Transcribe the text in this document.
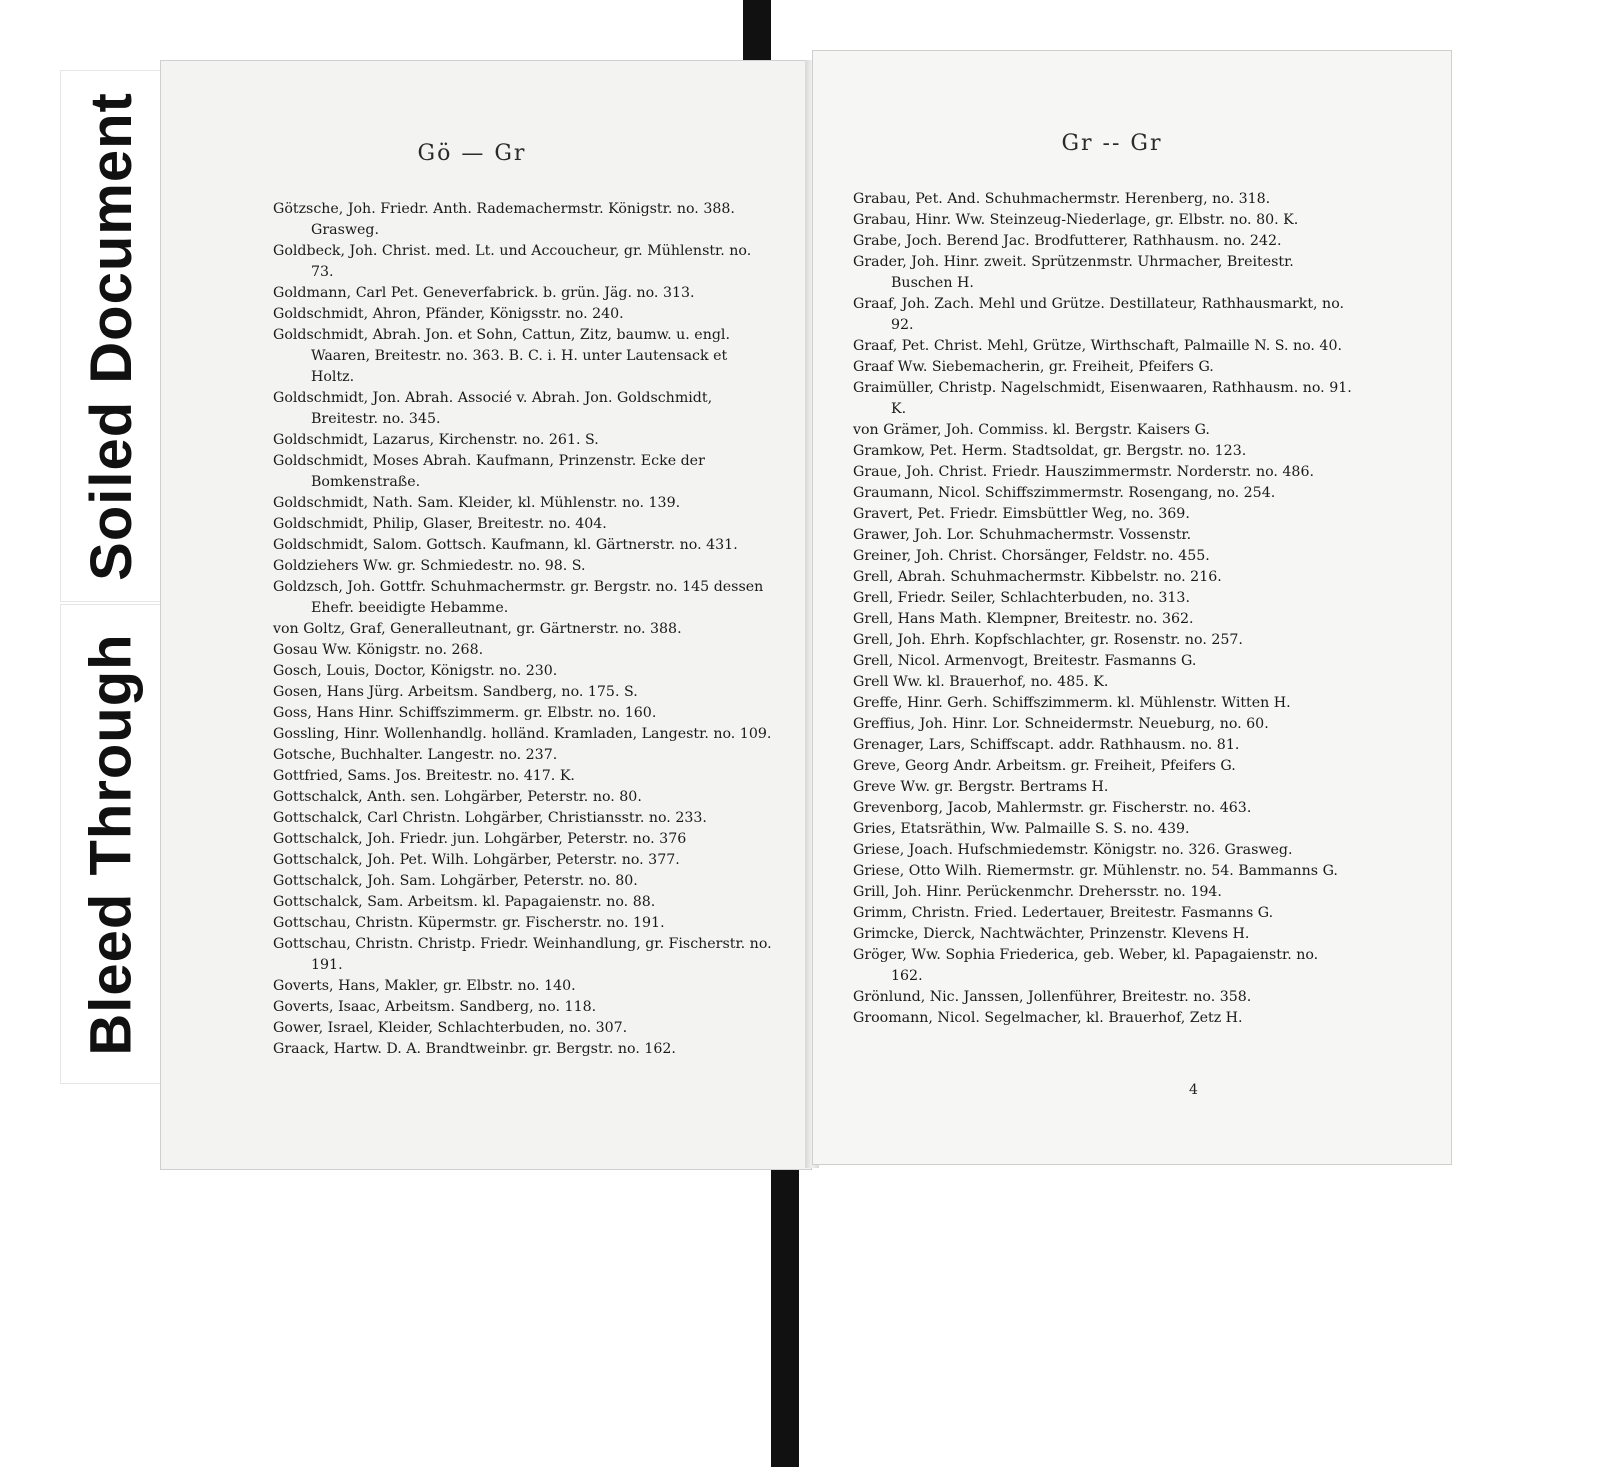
Soiled Document
Bleed Through
Gö — Gr
Götzsche, Joh. Friedr. Anth. Rademachermstr. Königstr. no. 388. Grasweg.
Goldbeck, Joh. Christ. med. Lt. und Accoucheur, gr. Mühlenstr. no. 73.
Goldmann, Carl Pet. Geneverfabrick. b. grün. Jäg. no. 313.
Goldschmidt, Ahron, Pfänder, Königsstr. no. 240.
Goldschmidt, Abrah. Jon. et Sohn, Cattun, Zitz, baumw. u. engl. Waaren, Breitestr. no. 363. B. C. i. H. unter Lautensack et Holtz.
Goldschmidt, Jon. Abrah. Associé v. Abrah. Jon. Goldschmidt, Breitestr. no. 345.
Goldschmidt, Lazarus, Kirchenstr. no. 261. S.
Goldschmidt, Moses Abrah. Kaufmann, Prinzenstr. Ecke der Bomkenstraße.
Goldschmidt, Nath. Sam. Kleider, kl. Mühlenstr. no. 139.
Goldschmidt, Philip, Glaser, Breitestr. no. 404.
Goldschmidt, Salom. Gottsch. Kaufmann, kl. Gärtnerstr. no. 431.
Goldziehers Ww. gr. Schmiedestr. no. 98. S.
Goldzsch, Joh. Gottfr. Schuhmachermstr. gr. Bergstr. no. 145 dessen Ehefr. beeidigte Hebamme.
von Goltz, Graf, Generalleutnant, gr. Gärtnerstr. no. 388.
Gosau Ww. Königstr. no. 268.
Gosch, Louis, Doctor, Königstr. no. 230.
Gosen, Hans Jürg. Arbeitsm. Sandberg, no. 175. S.
Goss, Hans Hinr. Schiffszimmerm. gr. Elbstr. no. 160.
Gossling, Hinr. Wollenhandlg. holländ. Kramladen, Langestr. no. 109.
Gotsche, Buchhalter. Langestr. no. 237.
Gottfried, Sams. Jos. Breitestr. no. 417. K.
Gottschalck, Anth. sen. Lohgärber, Peterstr. no. 80.
Gottschalck, Carl Christn. Lohgärber, Christiansstr. no. 233.
Gottschalck, Joh. Friedr. jun. Lohgärber, Peterstr. no. 376
Gottschalck, Joh. Pet. Wilh. Lohgärber, Peterstr. no. 377.
Gottschalck, Joh. Sam. Lohgärber, Peterstr. no. 80.
Gottschalck, Sam. Arbeitsm. kl. Papagaienstr. no. 88.
Gottschau, Christn. Küpermstr. gr. Fischerstr. no. 191.
Gottschau, Christn. Christp. Friedr. Weinhandlung, gr. Fischerstr. no. 191.
Goverts, Hans, Makler, gr. Elbstr. no. 140.
Goverts, Isaac, Arbeitsm. Sandberg, no. 118.
Gower, Israel, Kleider, Schlachterbuden, no. 307.
Graack, Hartw. D. A. Brandtweinbr. gr. Bergstr. no. 162.
Gr -- Gr
Grabau, Pet. And. Schuhmachermstr. Herenberg, no. 318.
Grabau, Hinr. Ww. Steinzeug-Niederlage, gr. Elbstr. no. 80. K.
Grabe, Joch. Berend Jac. Brodfutterer, Rathhausm. no. 242.
Grader, Joh. Hinr. zweit. Sprützenmstr. Uhrmacher, Breitestr. Buschen H.
Graaf, Joh. Zach. Mehl und Grütze. Destillateur, Rathhausmarkt, no. 92.
Graaf, Pet. Christ. Mehl, Grütze, Wirthschaft, Palmaille N. S. no. 40.
Graaf Ww. Siebemacherin, gr. Freiheit, Pfeifers G.
Graimüller, Christp. Nagelschmidt, Eisenwaaren, Rathhausm. no. 91. K.
von Grämer, Joh. Commiss. kl. Bergstr. Kaisers G.
Gramkow, Pet. Herm. Stadtsoldat, gr. Bergstr. no. 123.
Graue, Joh. Christ. Friedr. Hauszimmermstr. Norderstr. no. 486.
Graumann, Nicol. Schiffszimmermstr. Rosengang, no. 254.
Gravert, Pet. Friedr. Eimsbüttler Weg, no. 369.
Grawer, Joh. Lor. Schuhmachermstr. Vossenstr.
Greiner, Joh. Christ. Chorsänger, Feldstr. no. 455.
Grell, Abrah. Schuhmachermstr. Kibbelstr. no. 216.
Grell, Friedr. Seiler, Schlachterbuden, no. 313.
Grell, Hans Math. Klempner, Breitestr. no. 362.
Grell, Joh. Ehrh. Kopfschlachter, gr. Rosenstr. no. 257.
Grell, Nicol. Armenvogt, Breitestr. Fasmanns G.
Grell Ww. kl. Brauerhof, no. 485. K.
Greffe, Hinr. Gerh. Schiffszimmerm. kl. Mühlenstr. Witten H.
Greffius, Joh. Hinr. Lor. Schneidermstr. Neueburg, no. 60.
Grenager, Lars, Schiffscapt. addr. Rathhausm. no. 81.
Greve, Georg Andr. Arbeitsm. gr. Freiheit, Pfeifers G.
Greve Ww. gr. Bergstr. Bertrams H.
Grevenborg, Jacob, Mahlermstr. gr. Fischerstr. no. 463.
Gries, Etatsräthin, Ww. Palmaille S. S. no. 439.
Griese, Joach. Hufschmiedemstr. Königstr. no. 326. Grasweg.
Griese, Otto Wilh. Riemermstr. gr. Mühlenstr. no. 54. Bammanns G.
Grill, Joh. Hinr. Perückenmchr. Drehersstr. no. 194.
Grimm, Christn. Fried. Ledertauer, Breitestr. Fasmanns G.
Grimcke, Dierck, Nachtwächter, Prinzenstr. Klevens H.
Gröger, Ww. Sophia Friederica, geb. Weber, kl. Papagaienstr. no. 162.
Grönlund, Nic. Janssen, Jollenführer, Breitestr. no. 358.
Groomann, Nicol. Segelmacher, kl. Brauerhof, Zetz H.
4
